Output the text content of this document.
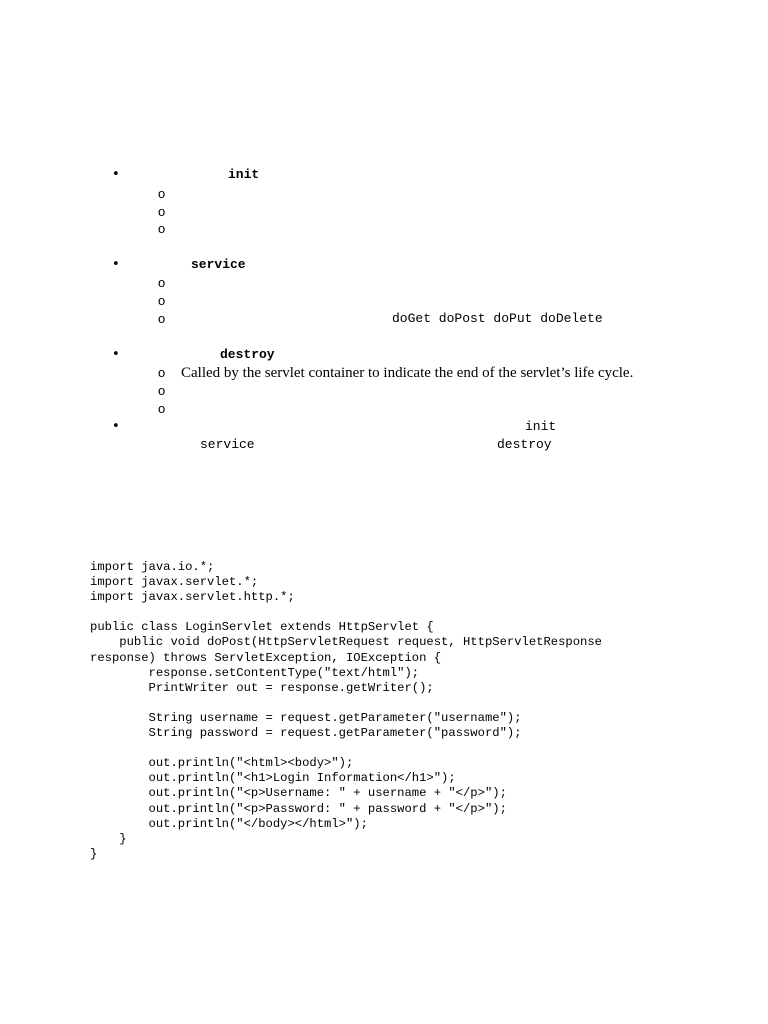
•	init
o
o
o
•	service
o
o
o	doGet doPost doPut doDelete
•	destroy
o Called by the servlet container to indicate the end of the servlet’s life cycle.
o
o
•	init
service	destroy
import java.io.*;
import javax.servlet.*;
import javax.servlet.http.*;

public class LoginServlet extends HttpServlet {
public void doPost(HttpServletRequest request, HttpServletResponse
response) throws ServletException, IOException {
response.setContentType("text/html");
PrintWriter out = response.getWriter();

String username = request.getParameter("username");
String password = request.getParameter("password");

out.println("<html><body>");
out.println("<h1>Login Information</h1>");
out.println("<p>Username: " + username + "</p>");
out.println("<p>Password: " + password + "</p>");
out.println("</body></html>");
}
}
